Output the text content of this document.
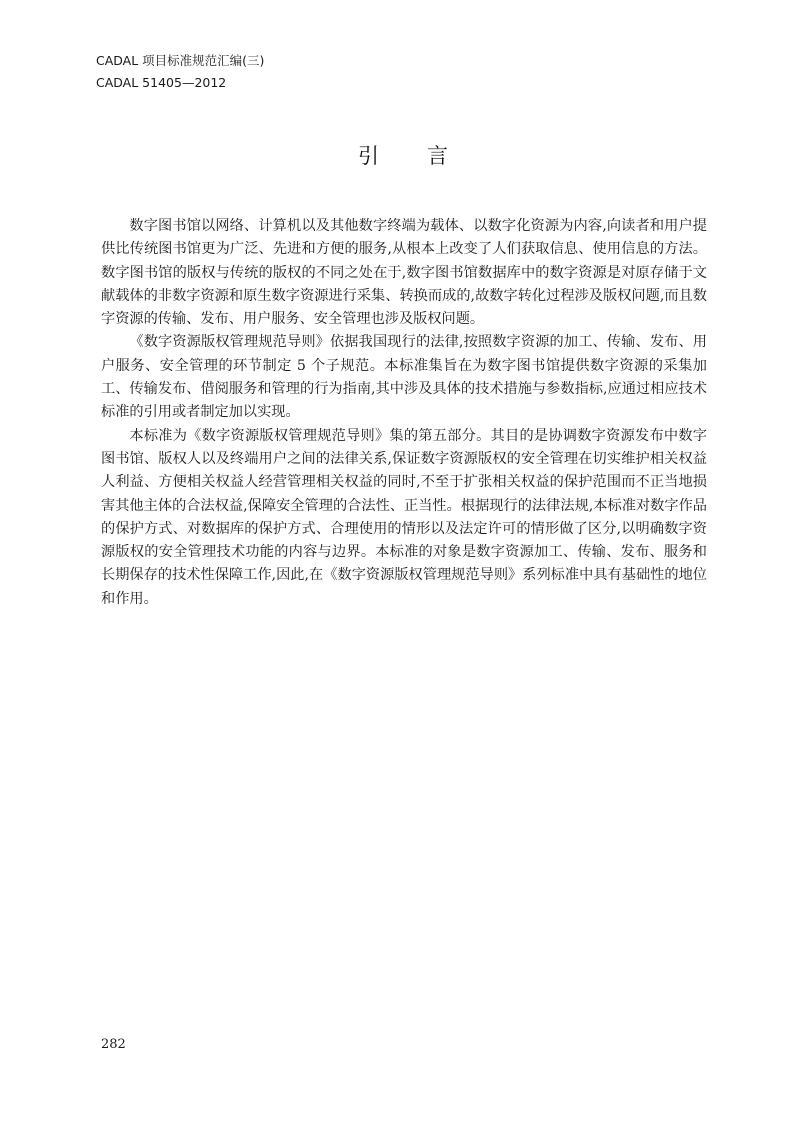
CADAL 项目标准规范汇编(三)
CADAL 51405—2012
引言

数字图书馆以网络、计算机以及其他数字终端为载体、以数字化资源为内容,向读者和用户提供比传统图书馆更为广泛、先进和方便的服务,从根本上改变了人们获取信息、使用信息的方法。数字图书馆的版权与传统的版权的不同之处在于,数字图书馆数据库中的数字资源是对原存储于文献载体的非数字资源和原生数字资源进行采集、转换而成的,故数字转化过程涉及版权问题,而且数字资源的传输、发布、用户服务、安全管理也涉及版权问题。

《数字资源版权管理规范导则》依据我国现行的法律,按照数字资源的加工、传输、发布、用户服务、安全管理的环节制定 5 个子规范。本标准集旨在为数字图书馆提供数字资源的采集加工、传输发布、借阅服务和管理的行为指南,其中涉及具体的技术措施与参数指标,应通过相应技术标准的引用或者制定加以实现。

本标准为《数字资源版权管理规范导则》集的第五部分。其目的是协调数字资源发布中数字图书馆、版权人以及终端用户之间的法律关系,保证数字资源版权的安全管理在切实维护相关权益人利益、方便相关权益人经营管理相关权益的同时,不至于扩张相关权益的保护范围而不正当地损害其他主体的合法权益,保障安全管理的合法性、正当性。根据现行的法律法规,本标准对数字作品的保护方式、对数据库的保护方式、合理使用的情形以及法定许可的情形做了区分,以明确数字资源版权的安全管理技术功能的内容与边界。本标准的对象是数字资源加工、传输、发布、服务和长期保存的技术性保障工作,因此,在《数字资源版权管理规范导则》系列标准中具有基础性的地位和作用。

282
